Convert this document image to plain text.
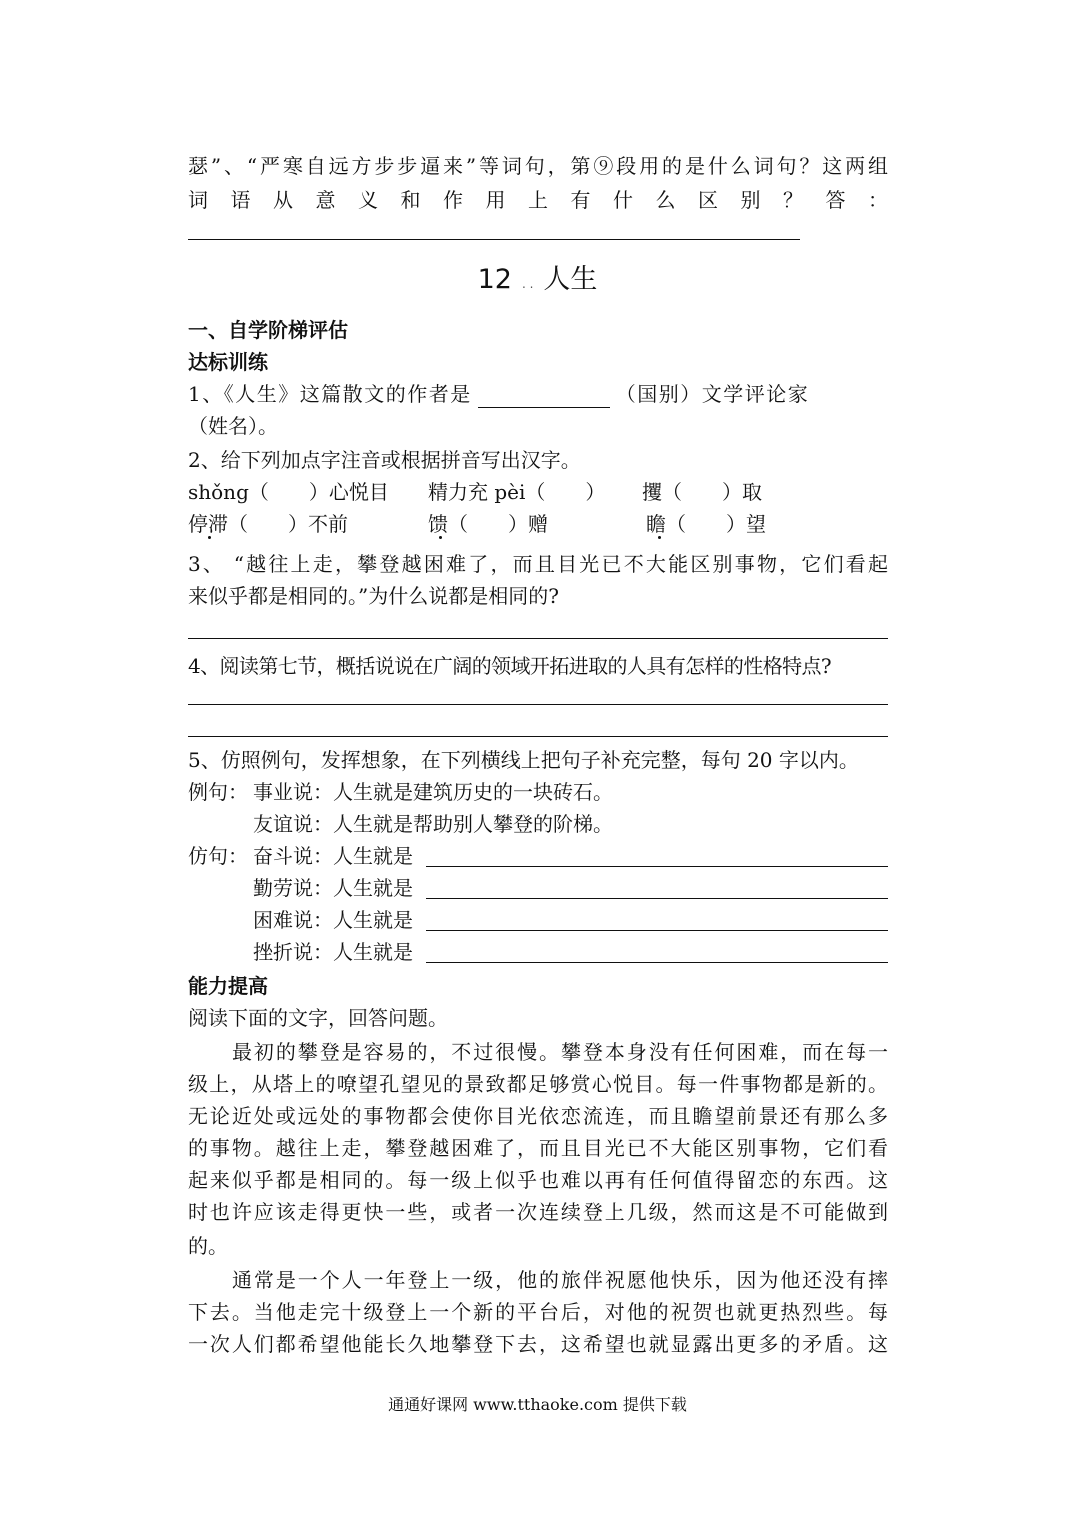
瑟”、“严寒自远方步步逼来”等词句，第⑨段用的是什么词句？这两组
词语从意义和作用上有什么区别？答：
12 . . 人生
一、自学阶梯评估
达标训练
1、《人生》这篇散文的作者是	（国别）文学评论家
（姓名）。
2、给下列加点字注音或根据拼音写出汉字。
shǒng（　　）心悦目 精力充 pèi（　　） 攫（　　）取
停滞（　　）不前	馈（　　）赠	瞻（　　）望
3、 “越往上走，攀登越困难了，而且目光已不大能区别事物，它们看起
来似乎都是相同的。”为什么说都是相同的?
4、阅读第七节，概括说说在广阔的领域开拓进取的人具有怎样的性格特点?
5、仿照例句，发挥想象，在下列横线上把句子补充完整，每句 20 字以内。
例句： 事业说：人生就是建筑历史的一块砖石。
友谊说：人生就是帮助别人攀登的阶梯。
仿句： 奋斗说：人生就是
勤劳说：人生就是
困难说：人生就是
挫折说：人生就是
能力提高
阅读下面的文字，回答问题。
最初的攀登是容易的，不过很慢。攀登本身没有任何困难，而在每一
级上，从塔上的嘹望孔望见的景致都足够赏心悦目。每一件事物都是新的。
无论近处或远处的事物都会使你目光依恋流连，而且瞻望前景还有那么多
的事物。越往上走，攀登越困难了，而且目光已不大能区别事物，它们看
起来似乎都是相同的。每一级上似乎也难以再有任何值得留恋的东西。这
时也许应该走得更快一些，或者一次连续登上几级，然而这是不可能做到
的。
通常是一个人一年登上一级，他的旅伴祝愿他快乐，因为他还没有摔
下去。当他走完十级登上一个新的平台后，对他的祝贺也就更热烈些。每
一次人们都希望他能长久地攀登下去，这希望也就显露出更多的矛盾。这
通通好课网 www.tthaoke.com 提供下载
